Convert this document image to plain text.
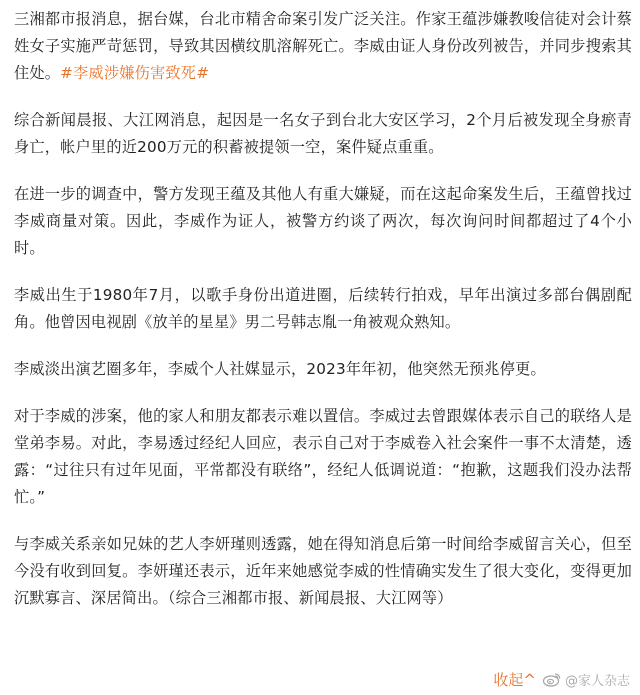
三湘都市报消息，据台媒，台北市精舍命案引发广泛关注。作家王蕴涉嫌教唆信徒对会计蔡姓女子实施严苛惩罚，导致其因横纹肌溶解死亡。李威由证人身份改列被告，并同步搜索其住处。#李威涉嫌伤害致死#

综合新闻晨报、大江网消息，起因是一名女子到台北大安区学习，2个月后被发现全身瘀青身亡，帐户里的近200万元的积蓄被提领一空，案件疑点重重。

在进一步的调查中，警方发现王蕴及其他人有重大嫌疑，而在这起命案发生后，王蕴曾找过李威商量对策。因此，李威作为证人，被警方约谈了两次，每次询问时间都超过了4个小时。

李威出生于1980年7月，以歌手身份出道进圈，后续转行拍戏，早年出演过多部台偶剧配角。他曾因电视剧《放羊的星星》男二号韩志胤一角被观众熟知。

李威淡出演艺圈多年，李威个人社媒显示，2023年年初，他突然无预兆停更。

对于李威的涉案，他的家人和朋友都表示难以置信。李威过去曾跟媒体表示自己的联络人是堂弟李易。对此，李易透过经纪人回应，表示自己对于李威卷入社会案件一事不太清楚，透露：“过往只有过年见面，平常都没有联络”，经纪人低调说道：“抱歉，这题我们没办法帮忙。”

与李威关系亲如兄妹的艺人李妍瑾则透露，她在得知消息后第一时间给李威留言关心，但至今没有收到回复。李妍瑾还表示，近年来她感觉李威的性情确实发生了很大变化，变得更加沉默寡言、深居简出。（综合三湘都市报、新闻晨报、大江网等）

收起^ @家人杂志
